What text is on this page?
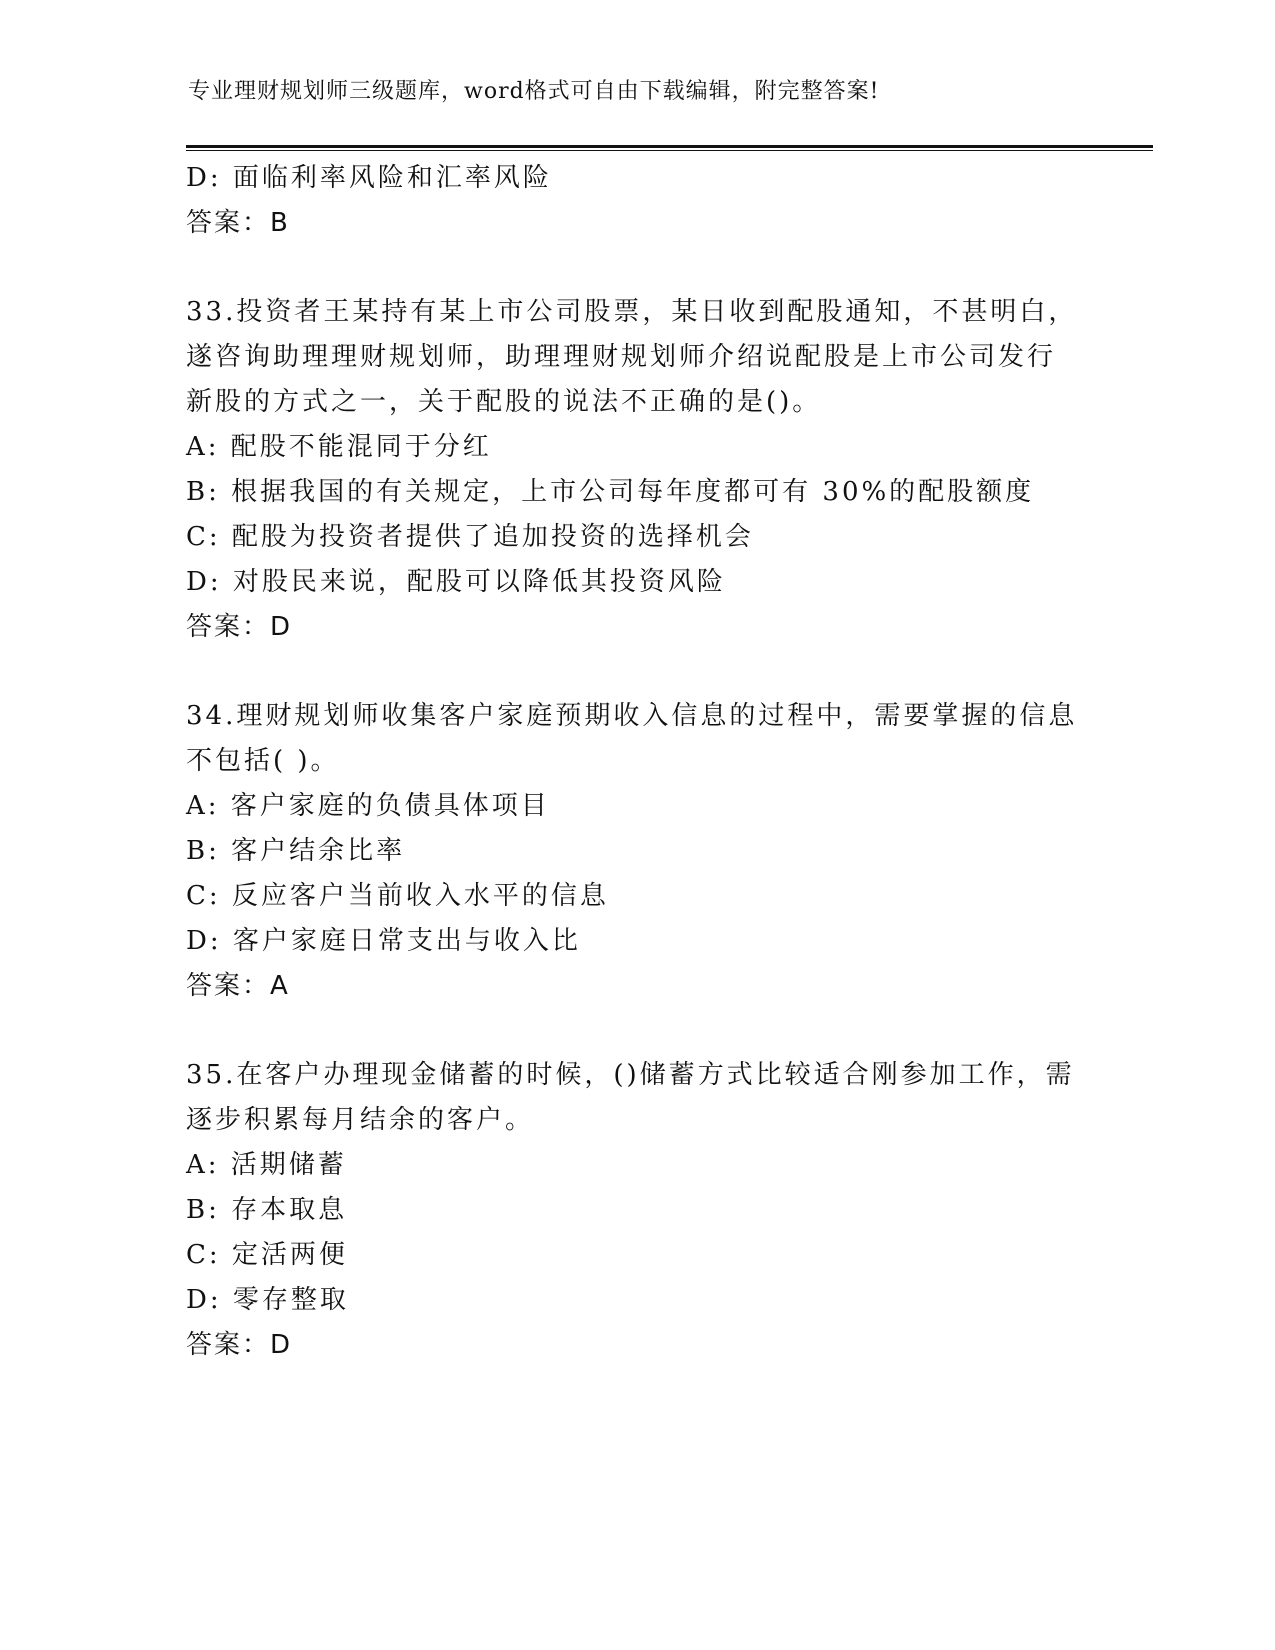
专业理财规划师三级题库，word格式可自由下载编辑，附完整答案!
D: 面临利率风险和汇率风险
答案：B
33.投资者王某持有某上市公司股票，某日收到配股通知，不甚明白，
遂咨询助理理财规划师，助理理财规划师介绍说配股是上市公司发行
新股的方式之一，关于配股的说法不正确的是()。
A: 配股不能混同于分红
B: 根据我国的有关规定，上市公司每年度都可有 30%的配股额度
C: 配股为投资者提供了追加投资的选择机会
D: 对股民来说，配股可以降低其投资风险
答案：D
34.理财规划师收集客户家庭预期收入信息的过程中，需要掌握的信息
不包括( )。
A: 客户家庭的负债具体项目
B: 客户结余比率
C: 反应客户当前收入水平的信息
D: 客户家庭日常支出与收入比
答案：A
35.在客户办理现金储蓄的时候，()储蓄方式比较适合刚参加工作，需
逐步积累每月结余的客户。
A: 活期储蓄
B: 存本取息
C: 定活两便
D: 零存整取
答案：D
